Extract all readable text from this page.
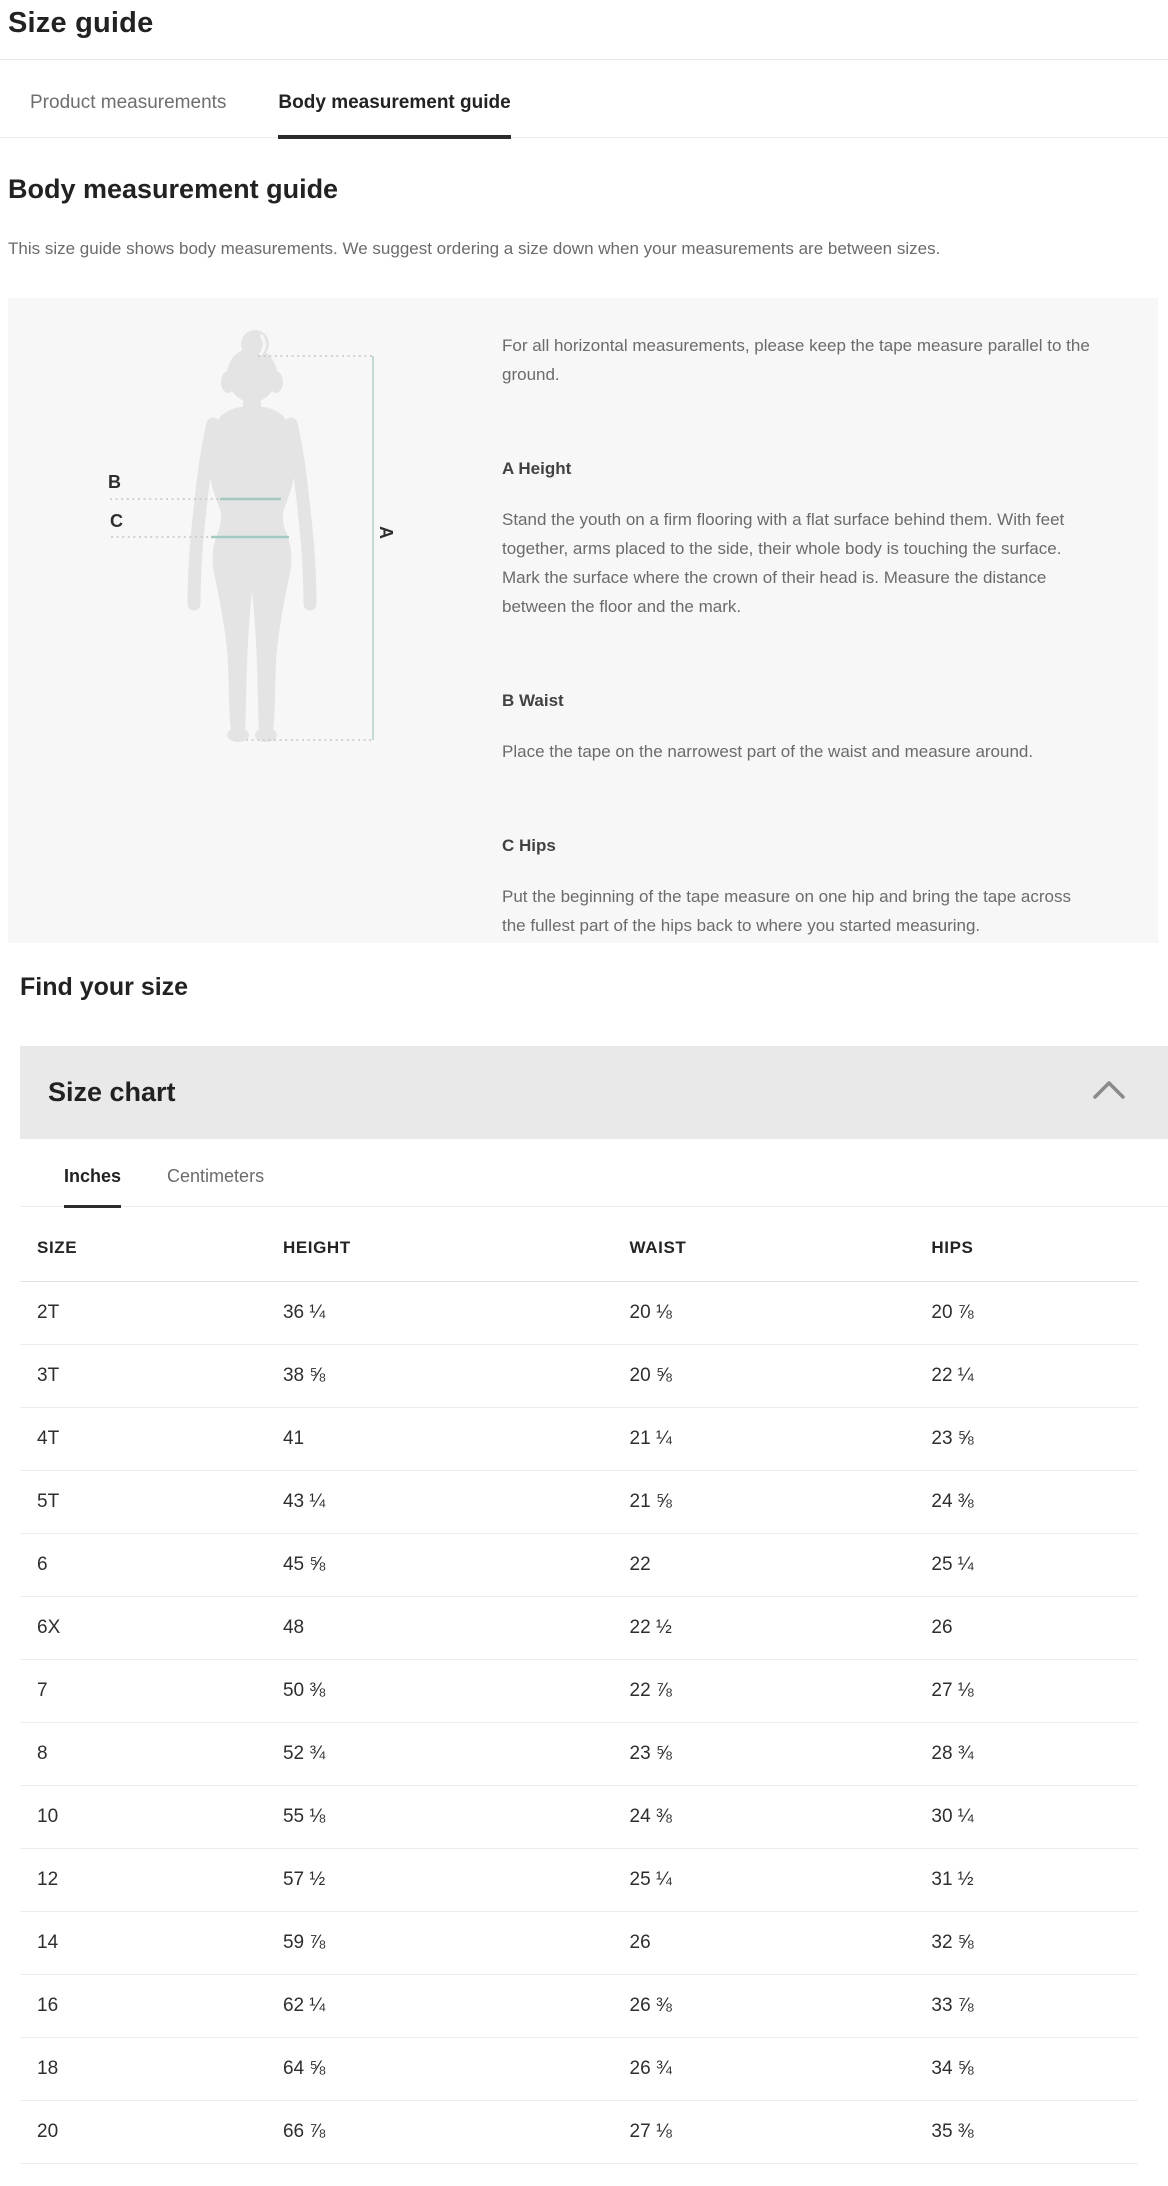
Size guide
Product measurements	Body measurement guide
Body measurement guide

This size guide shows body measurements. We suggest ordering a size down when your measurements are between sizes.

A
B
C

For all horizontal measurements, please keep the tape measure parallel to the ground.

A Height

Stand the youth on a firm flooring with a flat surface behind them. With feet together, arms placed to the side, their whole body is touching the surface. Mark the surface where the crown of their head is. Measure the distance between the floor and the mark.

B Waist

Place the tape on the narrowest part of the waist and measure around.

C Hips

Put the beginning of the tape measure on one hip and bring the tape across the fullest part of the hips back to where you started measuring.

Find your size
Size chart
Inches	Centimeters
SIZE	HEIGHT	WAIST	HIPS
2T	36 ¼	20 ⅛	20 ⅞
3T	38 ⅝	20 ⅝	22 ¼
4T	41	21 ¼	23 ⅝
5T	43 ¼	21 ⅝	24 ⅜
6	45 ⅝	22	25 ¼
6X	48	22 ½	26
7	50 ⅜	22 ⅞	27 ⅛
8	52 ¾	23 ⅝	28 ¾
10	55 ⅛	24 ⅜	30 ¼
12	57 ½	25 ¼	31 ½
14	59 ⅞	26	32 ⅝
16	62 ¼	26 ⅜	33 ⅞
18	64 ⅝	26 ¾	34 ⅝
20	66 ⅞	27 ⅛	35 ⅜
